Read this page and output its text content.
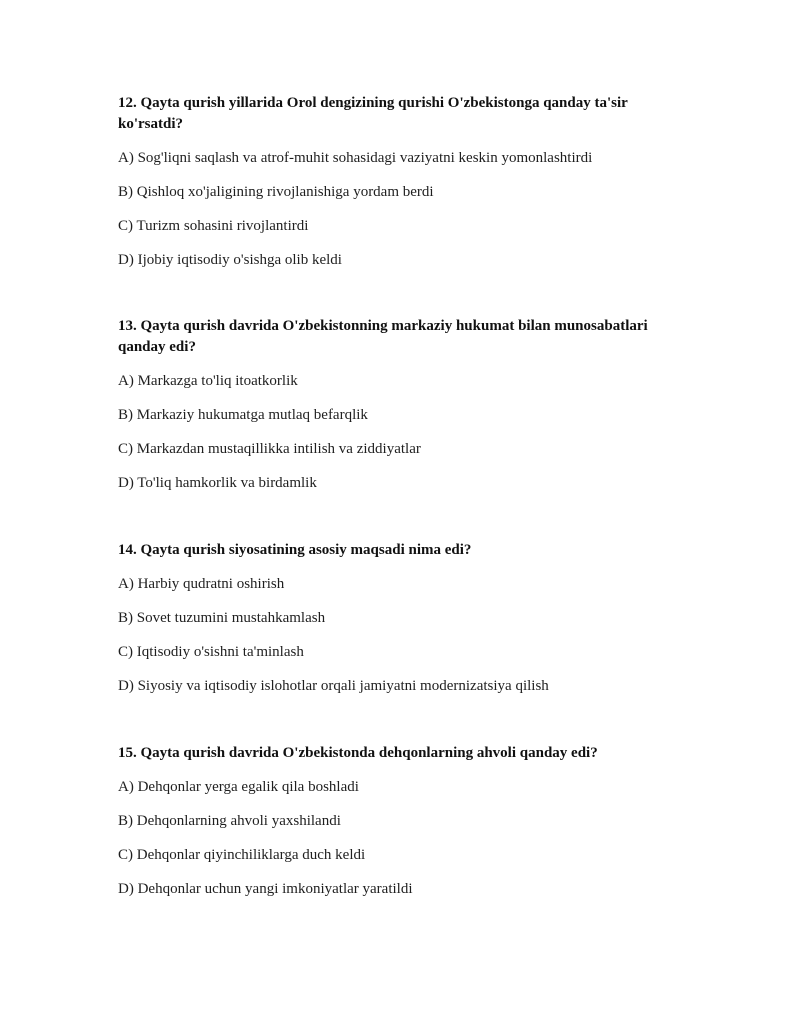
12. Qayta qurish yillarida Orol dengizining qurishi O'zbekistonga qanday ta'sir ko'rsatdi?

A) Sog'liqni saqlash va atrof-muhit sohasidagi vaziyatni keskin yomonlashtirdi
B) Qishloq xo'jaligining rivojlanishiga yordam berdi
C) Turizm sohasini rivojlantirdi
D) Ijobiy iqtisodiy o'sishga olib keldi

13. Qayta qurish davrida O'zbekistonning markaziy hukumat bilan munosabatlari qanday edi?

A) Markazga to'liq itoatkorlik
B) Markaziy hukumatga mutlaq befarqlik
C) Markazdan mustaqillikka intilish va ziddiyatlar
D) To'liq hamkorlik va birdamlik

14. Qayta qurish siyosatining asosiy maqsadi nima edi?

A) Harbiy qudratni oshirish
B) Sovet tuzumini mustahkamlash
C) Iqtisodiy o'sishni ta'minlash
D) Siyosiy va iqtisodiy islohotlar orqali jamiyatni modernizatsiya qilish

15. Qayta qurish davrida O'zbekistonda dehqonlarning ahvoli qanday edi?

A) Dehqonlar yerga egalik qila boshladi
B) Dehqonlarning ahvoli yaxshilandi
C) Dehqonlar qiyinchiliklarga duch keldi
D) Dehqonlar uchun yangi imkoniyatlar yaratildi
